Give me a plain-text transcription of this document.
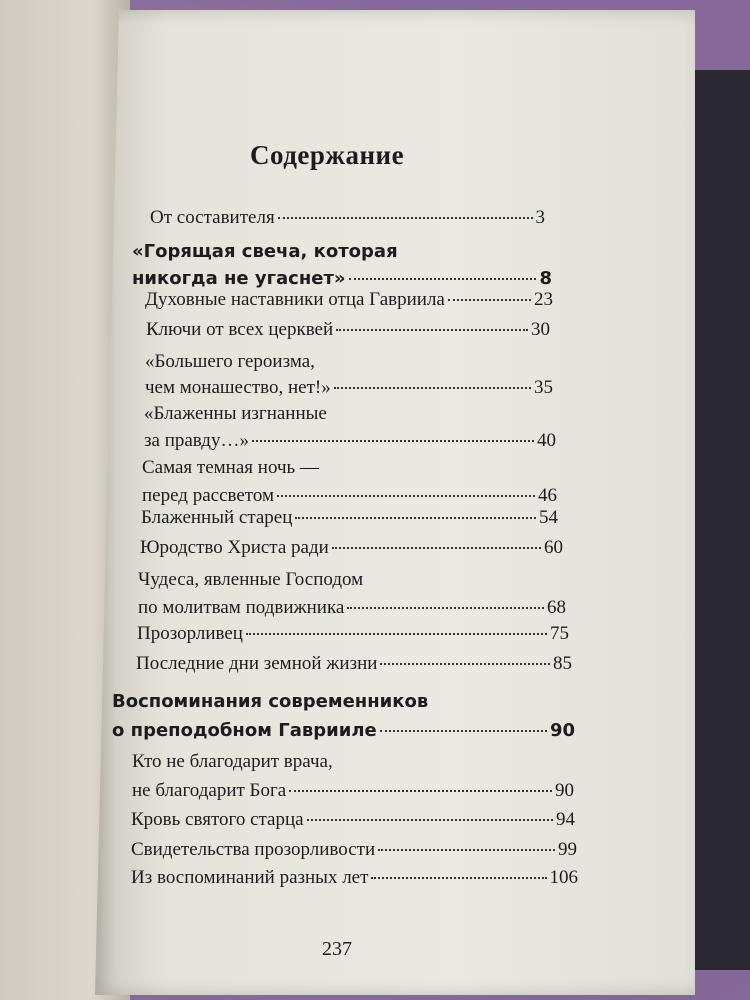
Содержание
От составителя	3
«Горящая свеча, которая
никогда не угаснет»	8
Духовные наставники отца Гавриила	23
Ключи от всех церквей	30
«Большего героизма,
чем монашество, нет!»	35
«Блаженны изгнанные
за правду…»	40
Самая темная ночь —
перед рассветом	46
Блаженный старец	54
Юродство Христа ради	60
Чудеса, явленные Господом
по молитвам подвижника	68
Прозорливец	75
Последние дни земной жизни	85
Воспоминания современников
о преподобном Гаврииле	90
Кто не благодарит врача,
не благодарит Бога	90
Кровь святого старца	94
Свидетельства прозорливости	99
Из воспоминаний разных лет	106
237
